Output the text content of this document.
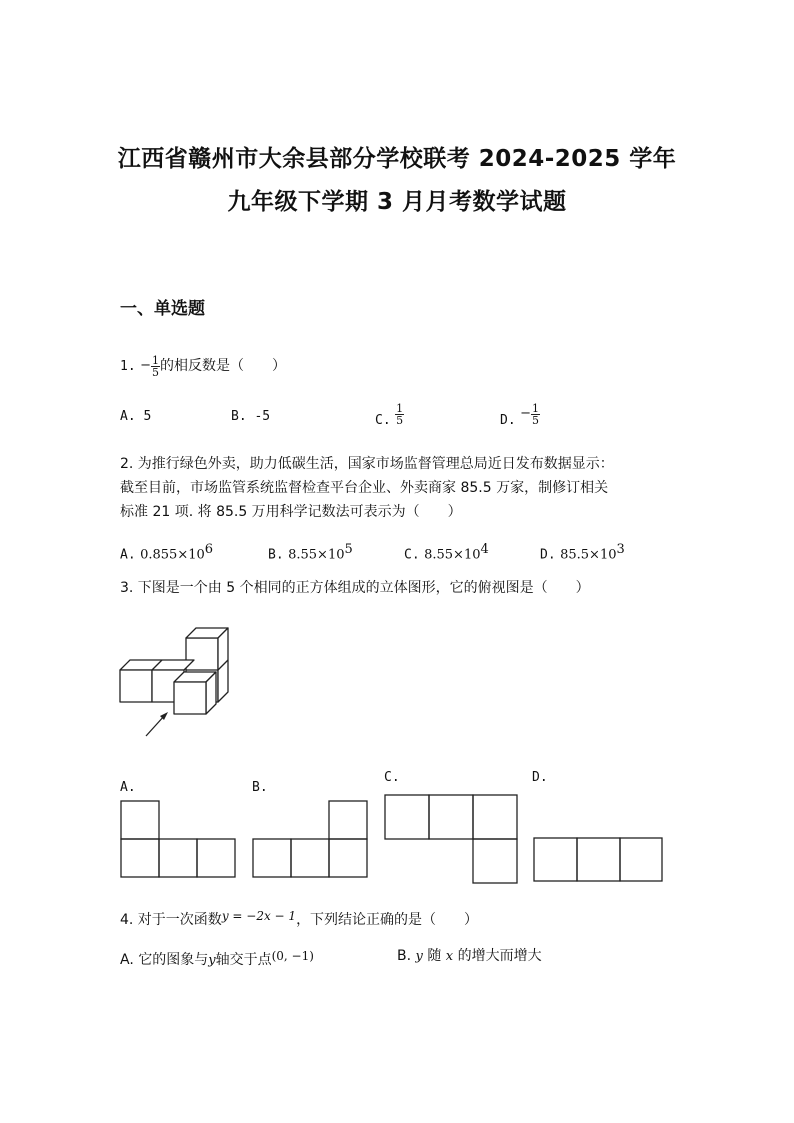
江西省赣州市大余县部分学校联考 2024-2025 学年
九年级下学期 3 月月考数学试题
一、单选题
1. − $\frac{1}{5}$ 的相反数是（　　）
A. 5	B. -5	C. $\frac{1}{5}$	D. − $\frac{1}{5}$
2. 为推行绿色外卖，助力低碳生活，国家市场监督管理总局近日发布数据显示：
截至目前，市场监管系统监督检查平台企业、外卖商家 85.5 万家，制修订相关
标准 21 项. 将 85.5 万用科学记数法可表示为（　　）
A. $0.855\times 10^6$	B. $8.55\times 10^5$	C. $8.55\times 10^4$	D. $85.5\times 10^3$
3. 下图是一个由 5 个相同的正方体组成的立体图形，它的俯视图是（　　）
A.	B.
C.	D.
4. 对于一次函数y = −2x − 1，下列结论正确的是（　　）
A. 它的图象与y轴交于点(0, −1)	B. y 随 x 的增大而增大
